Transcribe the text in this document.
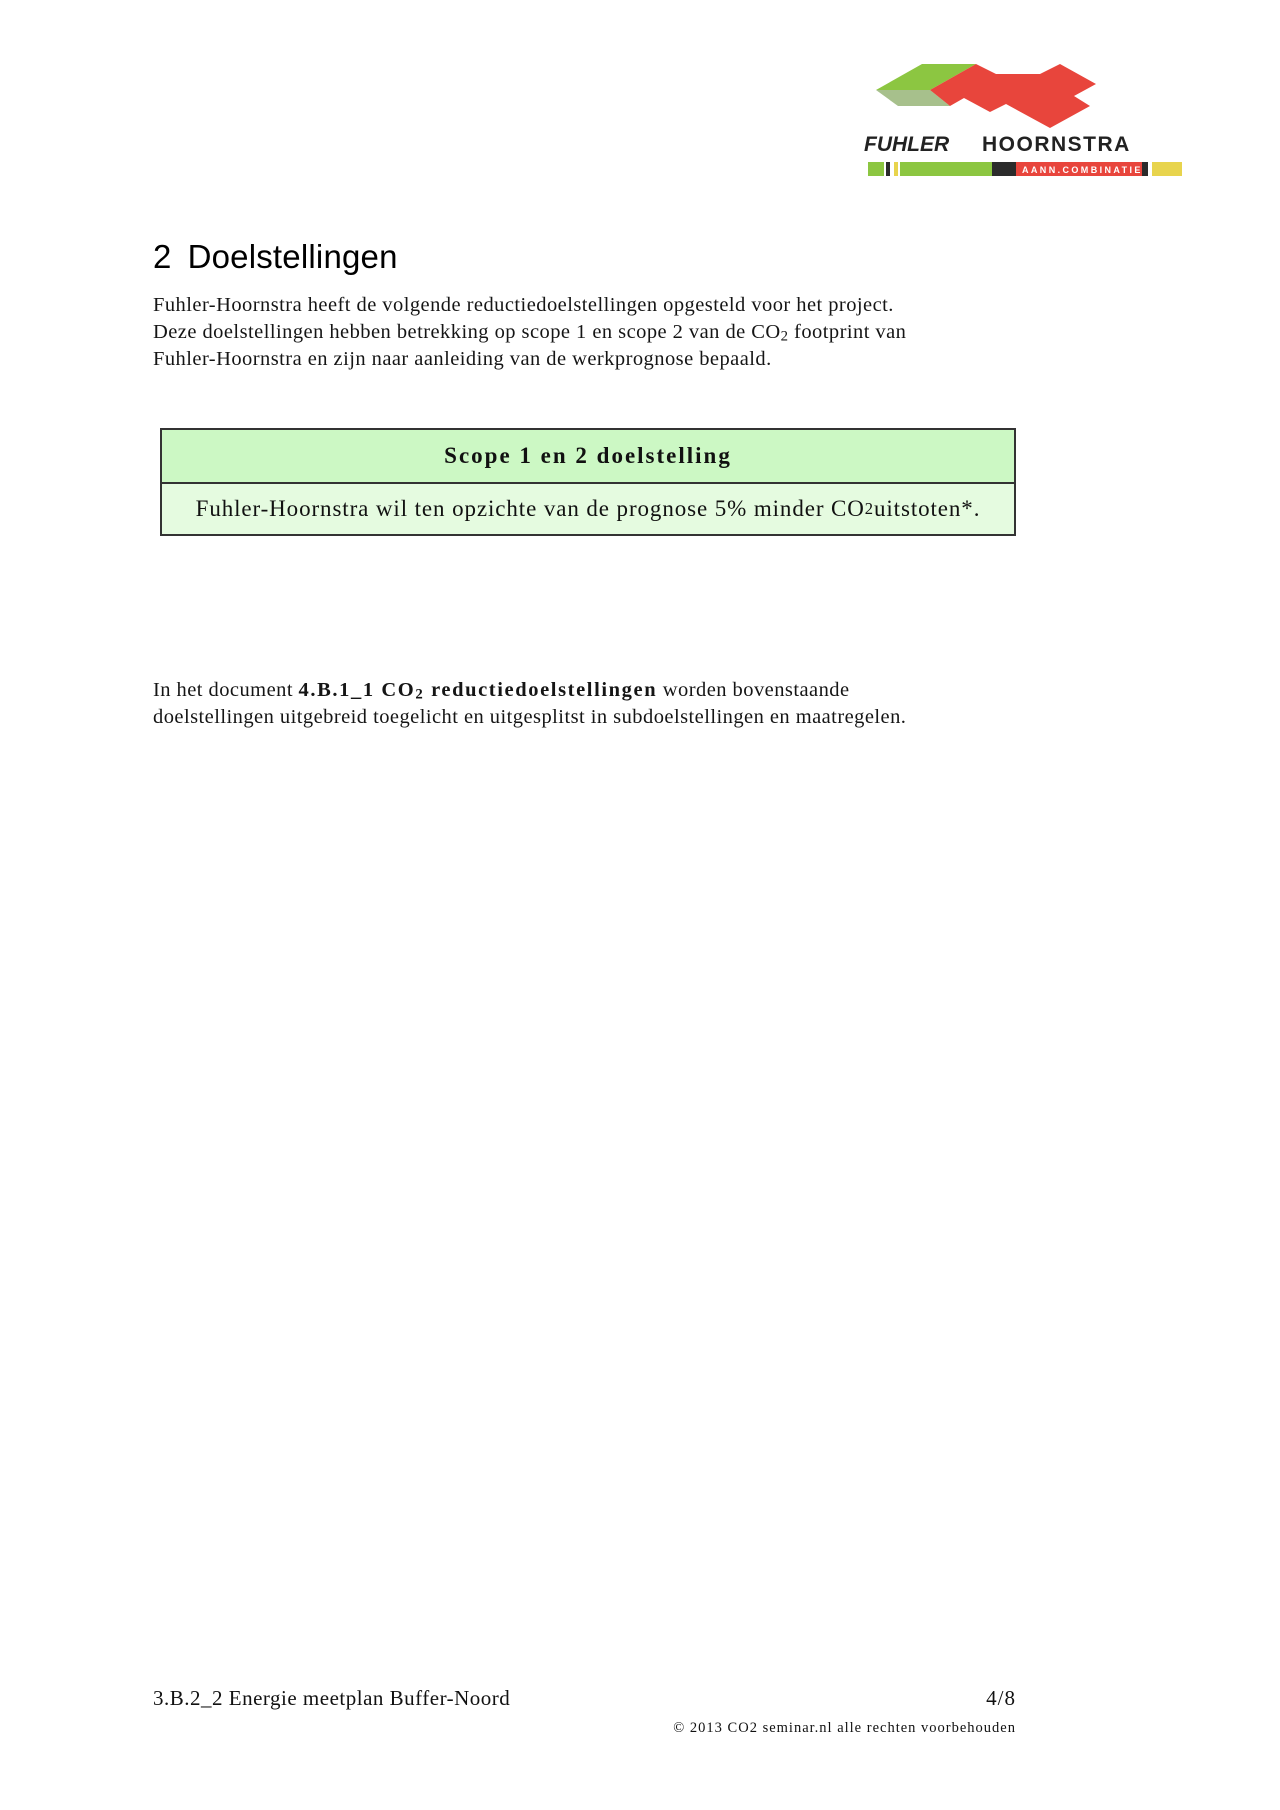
FUHLER HOORNSTRA
AANN.COMBINATIE
2 Doelstellingen

Fuhler-Hoornstra heeft de volgende reductiedoelstellingen opgesteld voor het project.
Deze doelstellingen hebben betrekking op scope 1 en scope 2 van de $CO_2$ footprint van
Fuhler-Hoornstra en zijn naar aanleiding van de werkprognose bepaald.

Scope 1 en 2 doelstelling
Fuhler-Hoornstra wil ten opzichte van de prognose 5% minder CO 2 uitstoten*.

In het document 4.B.1_1 $CO_2$ reductiedoelstellingen worden bovenstaande
doelstellingen uitgebreid toegelicht en uitgesplitst in subdoelstellingen en maatregelen.

3.B.2_2 Energie meetplan Buffer-Noord	4/8
© 2013 CO2 seminar.nl alle rechten voorbehouden
